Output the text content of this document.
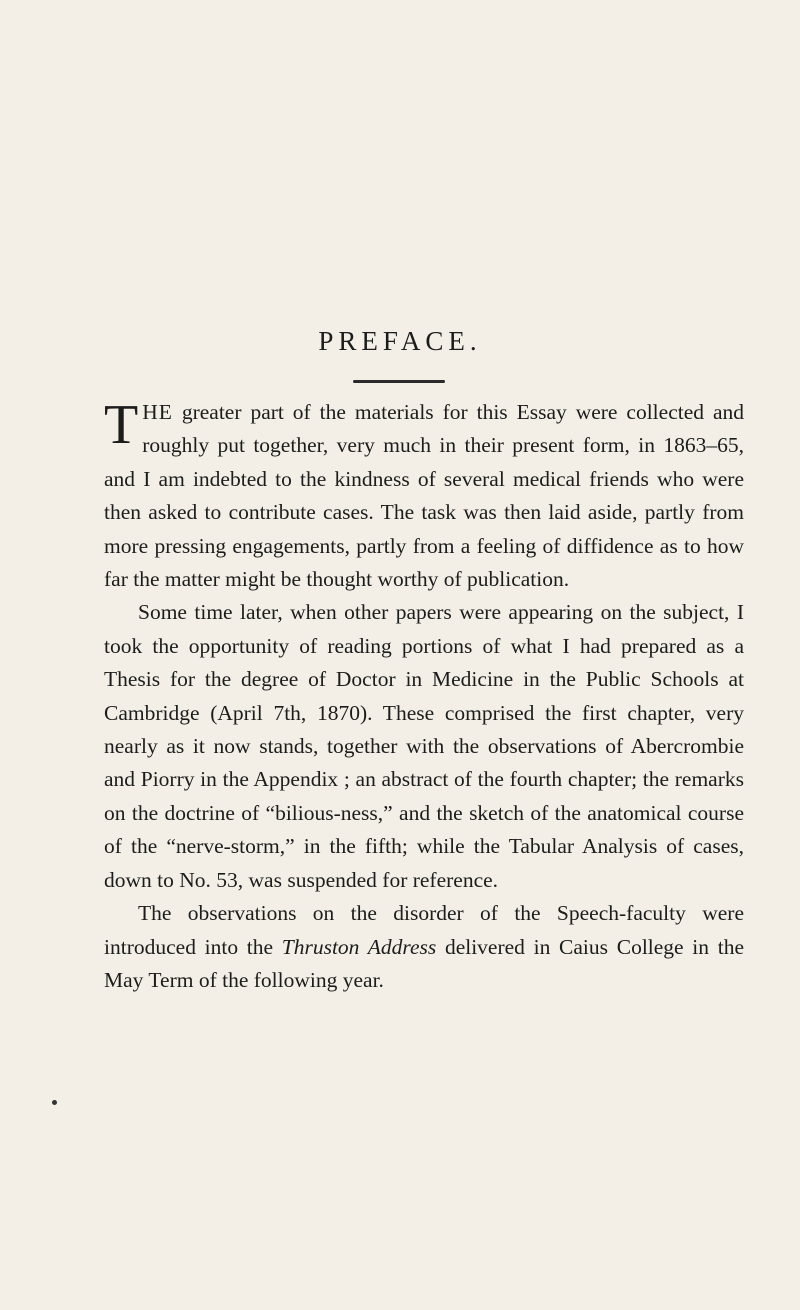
PREFACE.

THE greater part of the materials for this Essay were collected and roughly put together, very much in their present form, in 1863–65, and I am indebted to the kindness of several medical friends who were then asked to contribute cases. The task was then laid aside, partly from more pressing engagements, partly from a feeling of diffidence as to how far the matter might be thought worthy of publication.

Some time later, when other papers were appearing on the subject, I took the opportunity of reading portions of what I had prepared as a Thesis for the degree of Doctor in Medicine in the Public Schools at Cambridge (April 7th, 1870). These comprised the first chapter, very nearly as it now stands, together with the observations of Abercrombie and Piorry in the Appendix ; an abstract of the fourth chapter; the remarks on the doctrine of “bilious-ness,” and the sketch of the anatomical course of the “nerve-storm,” in the fifth; while the Tabular Analysis of cases, down to No. 53, was suspended for reference.

The observations on the disorder of the Speech-faculty were introduced into the Thruston Address delivered in Caius College in the May Term of the following year.
